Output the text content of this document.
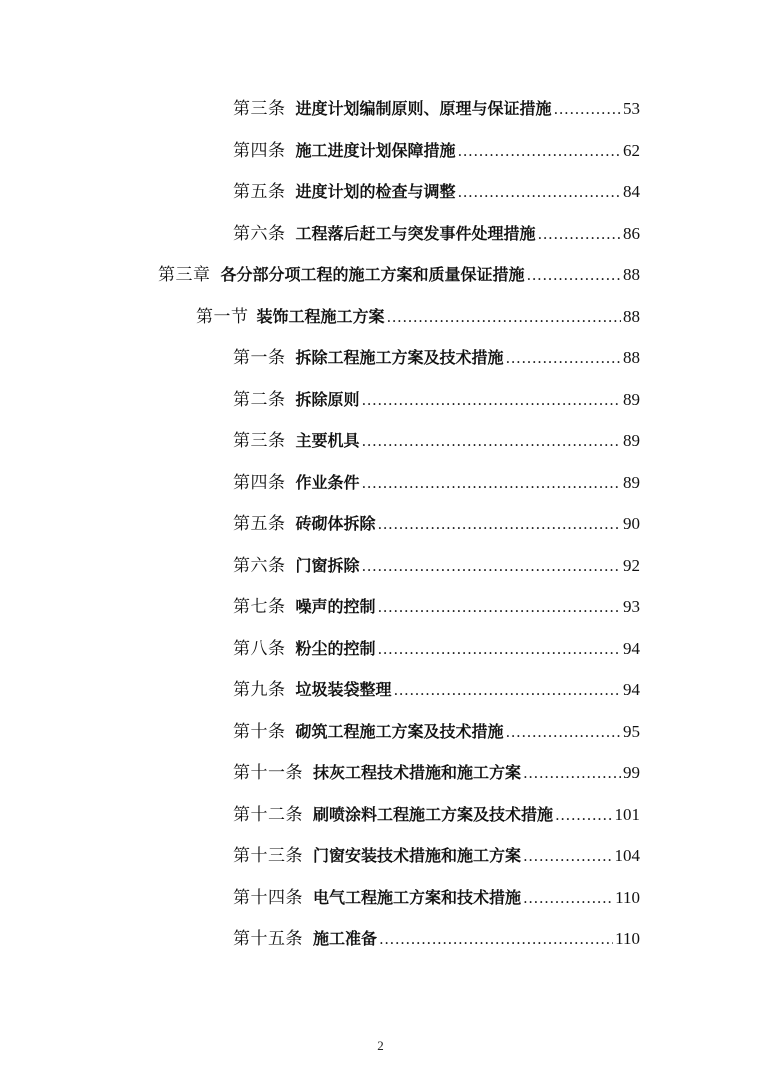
第三条 进度计划编制原则、原理与保证措施 .....	53
第四条 施工进度计划保障措施 .....	62
第五条 进度计划的检查与调整 .....	84
第六条 工程落后赶工与突发事件处理措施 .....	86
第三章 各分部分项工程的施工方案和质量保证措施 .....	88
第一节 装饰工程施工方案 .....	88
第一条 拆除工程施工方案及技术措施 .....	88
第二条 拆除原则 .....	89
第三条 主要机具 .....	89
第四条 作业条件 .....	89
第五条 砖砌体拆除 .....	90
第六条 门窗拆除 .....	92
第七条 噪声的控制 .....	93
第八条 粉尘的控制 .....	94
第九条 垃圾装袋整理 .....	94
第十条 砌筑工程施工方案及技术措施 .....	95
第十一条 抹灰工程技术措施和施工方案 .....	99
第十二条 刷喷涂料工程施工方案及技术措施 .....	101
第十三条 门窗安装技术措施和施工方案 .....	104
第十四条 电气工程施工方案和技术措施 .....	110
第十五条 施工准备 .....	110
2
